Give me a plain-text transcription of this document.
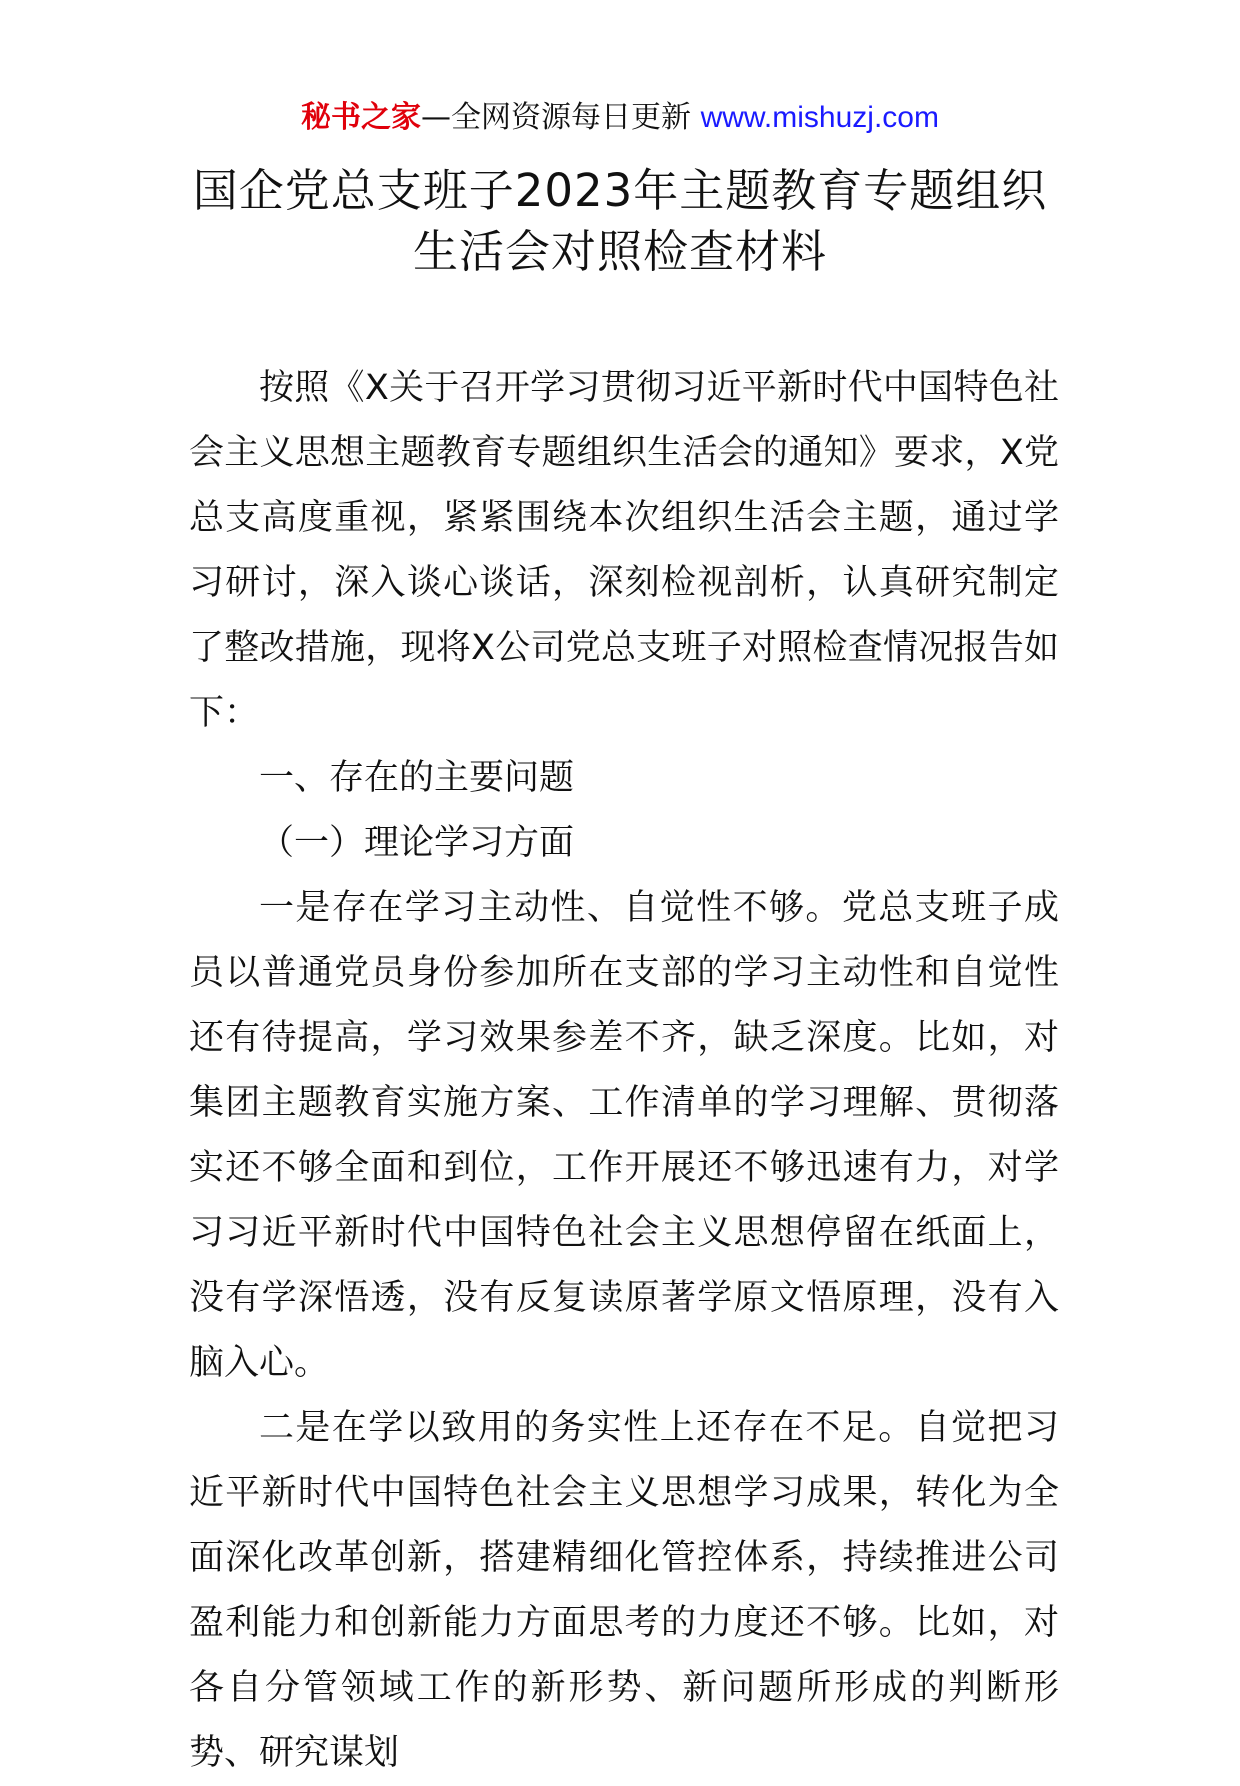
秘书之家—全网资源每日更新 www.mishuzj.com
国企党总支班子2023年主题教育专题组织
生活会对照检查材料

按照《X关于召开学习贯彻习近平新时代中国特色社会主义思想主题教育专题组织生活会的通知》要求，X党总支高度重视，紧紧围绕本次组织生活会主题，通过学习研讨，深入谈心谈话，深刻检视剖析，认真研究制定了整改措施，现将X公司党总支班子对照检查情况报告如下：

一、存在的主要问题

（一）理论学习方面

一是存在学习主动性、自觉性不够。党总支班子成员以普通党员身份参加所在支部的学习主动性和自觉性还有待提高，学习效果参差不齐，缺乏深度。比如，对集团主题教育实施方案、工作清单的学习理解、贯彻落实还不够全面和到位，工作开展还不够迅速有力，对学习习近平新时代中国特色社会主义思想停留在纸面上，没有学深悟透，没有反复读原著学原文悟原理，没有入脑入心。

二是在学以致用的务实性上还存在不足。自觉把习近平新时代中国特色社会主义思想学习成果，转化为全面深化改革创新，搭建精细化管控体系，持续推进公司盈利能力和创新能力方面思考的力度还不够。比如，对各自分管领域工作的新形势、新问题所形成的判断形势、研究谋划
